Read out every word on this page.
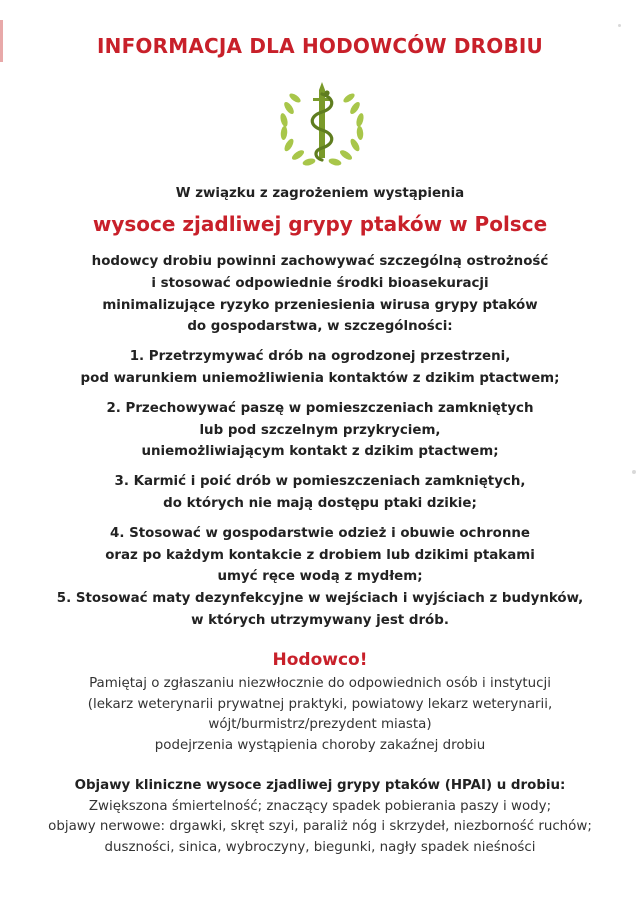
INFORMACJA DLA HODOWCÓW DROBIU
W związku z zagrożeniem wystąpienia
wysoce zjadliwej grypy ptaków w Polsce

hodowcy drobiu powinni zachowywać szczególną ostrożność

i stosować odpowiednie środki bioasekuracji

minimalizujące ryzyko przeniesienia wirusa grypy ptaków

do gospodarstwa, w szczególności:

1. Przetrzymywać drób na ogrodzonej przestrzeni,

pod warunkiem uniemożliwienia kontaktów z dzikim ptactwem;

2. Przechowywać paszę w pomieszczeniach zamkniętych

lub pod szczelnym przykryciem,

uniemożliwiającym kontakt z dzikim ptactwem;

3. Karmić i poić drób w pomieszczeniach zamkniętych,

do których nie mają dostępu ptaki dzikie;

4. Stosować w gospodarstwie odzież i obuwie ochronne

oraz po każdym kontakcie z drobiem lub dzikimi ptakami

umyć ręce wodą z mydłem;

5. Stosować maty dezynfekcyjne w wejściach i wyjściach z budynków,

w których utrzymywany jest drób.

Hodowco!

Pamiętaj o zgłaszaniu niezwłocznie do odpowiednich osób i instytucji

(lekarz weterynarii prywatnej praktyki, powiatowy lekarz weterynarii,

wójt/burmistrz/prezydent miasta)

podejrzenia wystąpienia choroby zakaźnej drobiu

Objawy kliniczne wysoce zjadliwej grypy ptaków (HPAI) u drobiu:

Zwiększona śmiertelność; znaczący spadek pobierania paszy i wody;

objawy nerwowe: drgawki, skręt szyi, paraliż nóg i skrzydeł, niezborność ruchów;

duszności, sinica, wybroczyny, biegunki, nagły spadek nieśności
